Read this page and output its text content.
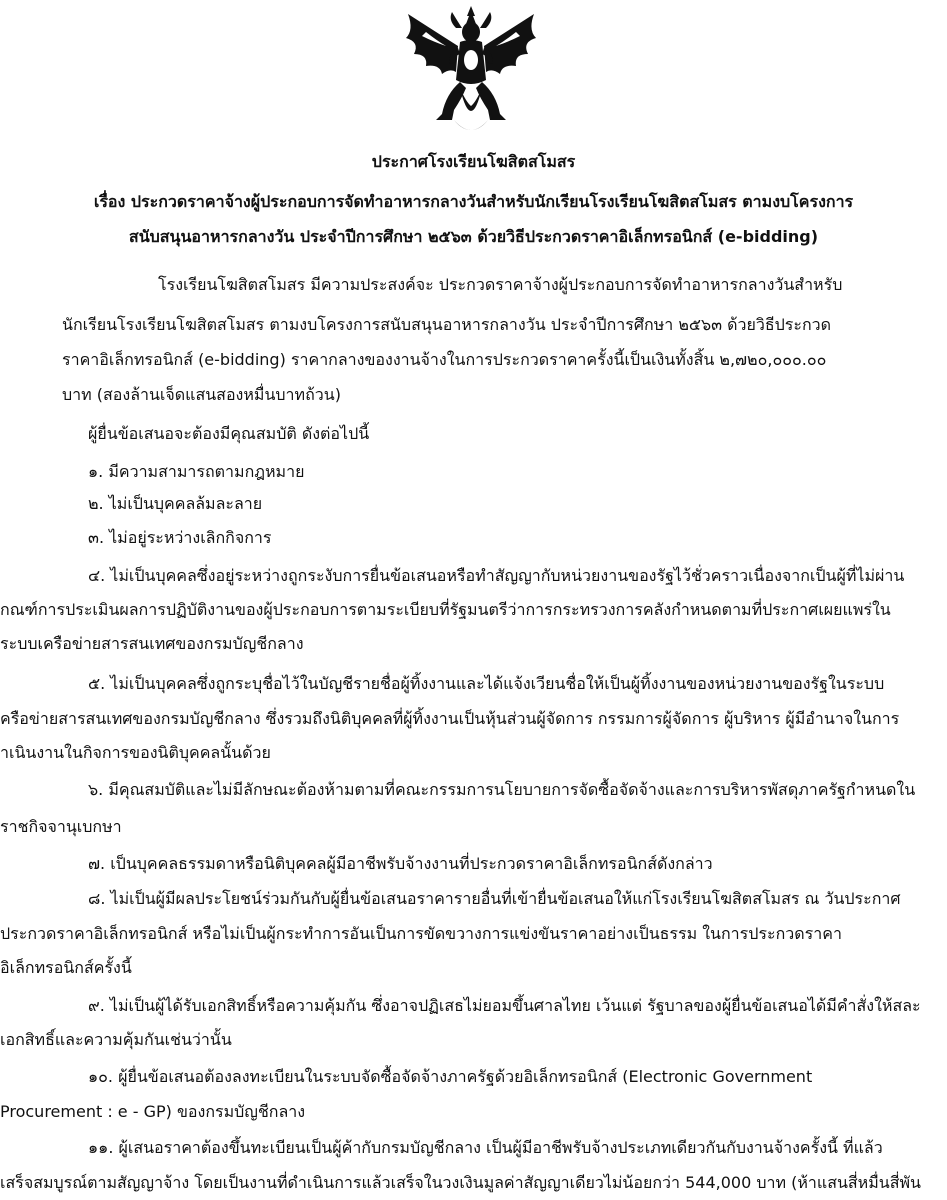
ประกาศโรงเรียนโฆสิตสโมสร

เรื่อง ประกวดราคาจ้างผู้ประกอบการจัดทำอาหารกลางวันสำหรับนักเรียนโรงเรียนโฆสิตสโมสร ตามงบโครงการ

สนับสนุนอาหารกลางวัน ประจำปีการศึกษา ๒๕๖๓ ด้วยวิธีประกวดราคาอิเล็กทรอนิกส์ (e-bidding)

โรงเรียนโฆสิตสโมสร มีความประสงค์จะ ประกวดราคาจ้างผู้ประกอบการจัดทำอาหารกลางวันสำหรับ

นักเรียนโรงเรียนโฆสิตสโมสร ตามงบโครงการสนับสนุนอาหารกลางวัน ประจำปีการศึกษา ๒๕๖๓ ด้วยวิธีประกวด

ราคาอิเล็กทรอนิกส์ (e-bidding) ราคากลางของงานจ้างในการประกวดราคาครั้งนี้เป็นเงินทั้งสิ้น ๒,๗๒๐,๐๐๐.๐๐

บาท (สองล้านเจ็ดแสนสองหมื่นบาทถ้วน)

ผู้ยื่นข้อเสนอจะต้องมีคุณสมบัติ ดังต่อไปนี้

๑. มีความสามารถตามกฎหมาย

๒. ไม่เป็นบุคคลล้มละลาย

๓. ไม่อยู่ระหว่างเลิกกิจการ

๔. ไม่เป็นบุคคลซึ่งอยู่ระหว่างถูกระงับการยื่นข้อเสนอหรือทำสัญญากับหน่วยงานของรัฐไว้ชั่วคราวเนื่องจากเป็นผู้ที่ไม่ผ่าน

กณฑ์การประเมินผลการปฏิบัติงานของผู้ประกอบการตามระเบียบที่รัฐมนตรีว่าการกระทรวงการคลังกำหนดตามที่ประกาศเผยแพร่ใน

ระบบเครือข่ายสารสนเทศของกรมบัญชีกลาง

๕. ไม่เป็นบุคคลซึ่งถูกระบุชื่อไว้ในบัญชีรายชื่อผู้ทิ้งงานและได้แจ้งเวียนชื่อให้เป็นผู้ทิ้งงานของหน่วยงานของรัฐในระบบ

ครือข่ายสารสนเทศของกรมบัญชีกลาง ซึ่งรวมถึงนิติบุคคลที่ผู้ทิ้งงานเป็นหุ้นส่วนผู้จัดการ กรรมการผู้จัดการ ผู้บริหาร ผู้มีอำนาจในการ

ำเนินงานในกิจการของนิติบุคคลนั้นด้วย

๖. มีคุณสมบัติและไม่มีลักษณะต้องห้ามตามที่คณะกรรมการนโยบายการจัดซื้อจัดจ้างและการบริหารพัสดุภาครัฐกำหนดใน

ราชกิจจานุเบกษา

๗. เป็นบุคคลธรรมดาหรือนิติบุคคลผู้มีอาชีพรับจ้างงานที่ประกวดราคาอิเล็กทรอนิกส์ดังกล่าว

๘. ไม่เป็นผู้มีผลประโยชน์ร่วมกันกับผู้ยื่นข้อเสนอราคารายอื่นที่เข้ายื่นข้อเสนอให้แก่โรงเรียนโฆสิตสโมสร ณ วันประกาศ

ประกวดราคาอิเล็กทรอนิกส์ หรือไม่เป็นผู้กระทำการอันเป็นการขัดขวางการแข่งขันราคาอย่างเป็นธรรม ในการประกวดราคา

อิเล็กทรอนิกส์ครั้งนี้

๙. ไม่เป็นผู้ได้รับเอกสิทธิ์หรือความคุ้มกัน ซึ่งอาจปฏิเสธไม่ยอมขึ้นศาลไทย เว้นแต่ รัฐบาลของผู้ยื่นข้อเสนอได้มีคำสั่งให้สละ

เอกสิทธิ์และความคุ้มกันเช่นว่านั้น

๑๐. ผู้ยื่นข้อเสนอต้องลงทะเบียนในระบบจัดซื้อจัดจ้างภาครัฐด้วยอิเล็กทรอนิกส์ (Electronic Government

Procurement : e - GP) ของกรมบัญชีกลาง

๑๑. ผู้เสนอราคาต้องขึ้นทะเบียนเป็นผู้ค้ากับกรมบัญชีกลาง เป็นผู้มีอาชีพรับจ้างประเภทเดียวกันกับงานจ้างครั้งนี้ ที่แล้ว

เสร็จสมบูรณ์ตามสัญญาจ้าง โดยเป็นงานที่ดำเนินการแล้วเสร็จในวงเงินมูลค่าสัญญาเดียวไม่น้อยกว่า 544,000 บาท (ห้าแสนสี่หมื่นสี่พัน
